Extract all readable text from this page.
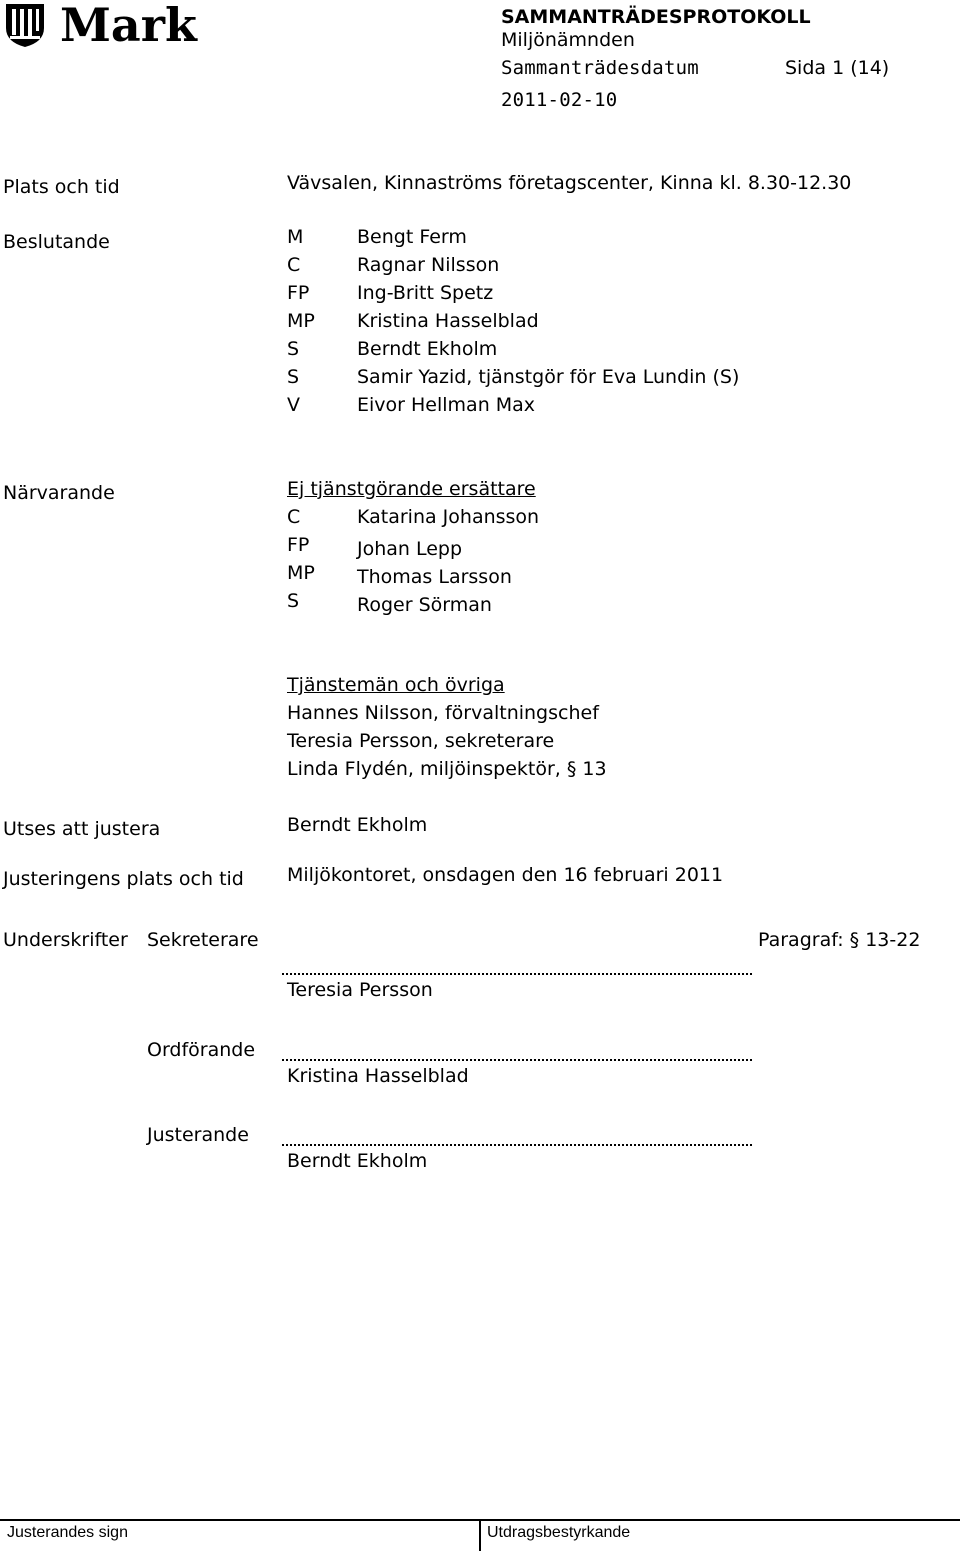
Mark	SAMMANTRÄDESPROTOKOLL
Miljönämnden
Sammanträdesdatum	Sida 1 (14)
2011-02-10
Plats och tid	Vävsalen, Kinnaströms företagscenter, Kinna kl. 8.30-12.30
Beslutande	M	Bengt Ferm
C	Ragnar Nilsson
FP	Ing-Britt Spetz
MP Kristina Hasselblad
S	Berndt Ekholm
S	Samir Yazid, tjänstgör för Eva Lundin (S)
V	Eivor Hellman Max
Närvarande	Ej tjänstgörande ersättare
C	Katarina Johansson
FP	Johan Lepp
MP Thomas Larsson
S	Roger Sörman
Tjänstemän och övriga
Hannes Nilsson, förvaltningschef
Teresia Persson, sekreterare
Linda Flydén, miljöinspektör, § 13
Utses att justera	Berndt Ekholm
Justeringens plats och tid Miljökontoret, onsdagen den 16 februari 2011
Underskrifter Sekreterare	Paragraf: § 13-22
Teresia Persson
Ordförande
Kristina Hasselblad
Justerande
Berndt Ekholm
Justerandes sign	Utdragsbestyrkande
